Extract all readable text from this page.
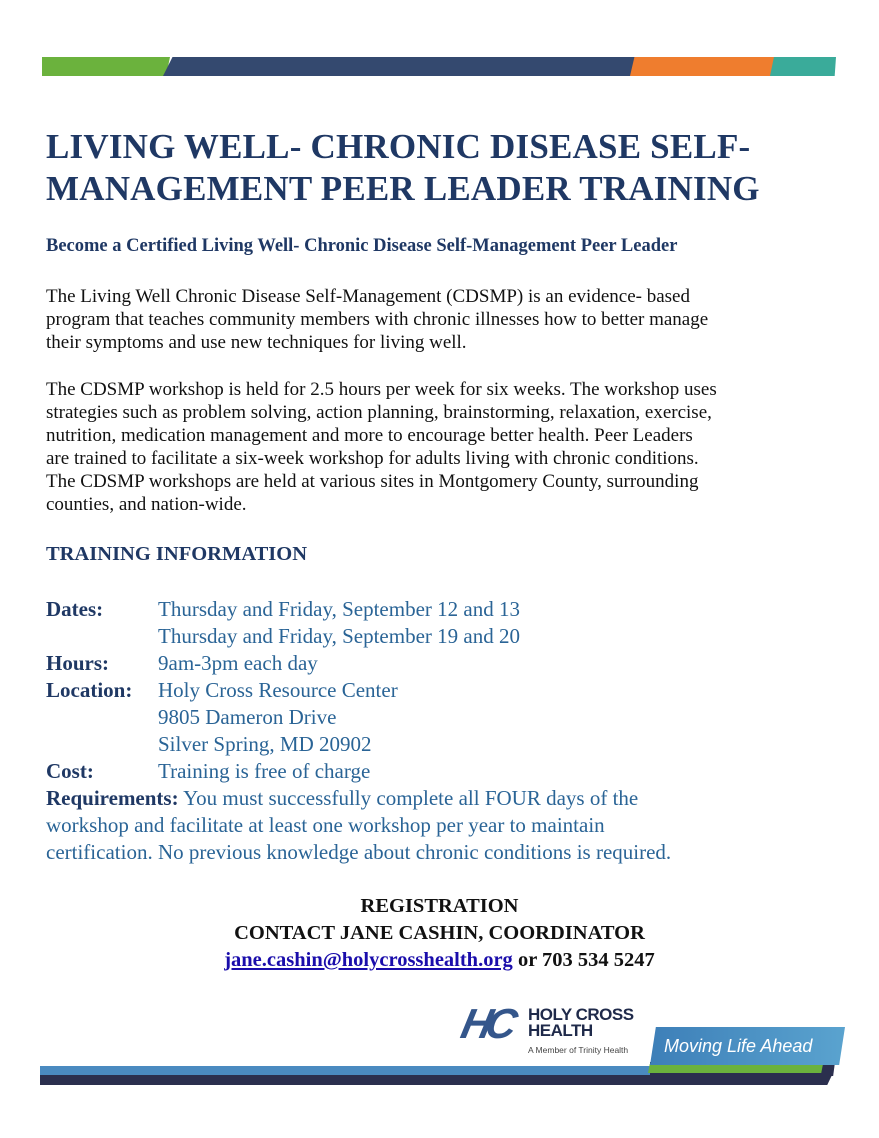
LIVING WELL- CHRONIC DISEASE SELF-
MANAGEMENT PEER LEADER TRAINING
Become a Certified Living Well- Chronic Disease Self-Management Peer Leader
The Living Well Chronic Disease Self-Management (CDSMP) is an evidence- based
program that teaches community members with chronic illnesses how to better manage
their symptoms and use new techniques for living well.
The CDSMP workshop is held for 2.5 hours per week for six weeks. The workshop uses
strategies such as problem solving, action planning, brainstorming, relaxation, exercise,
nutrition, medication management and more to encourage better health. Peer Leaders
are trained to facilitate a six-week workshop for adults living with chronic conditions.
The CDSMP workshops are held at various sites in Montgomery County, surrounding
counties, and nation-wide.
TRAINING INFORMATION
Dates:	Thursday and Friday, September 12 and 13
Thursday and Friday, September 19 and 20
Hours: 9am-3pm each day
Location: Holy Cross Resource Center
9805 Dameron Drive
Silver Spring, MD 20902
Cost:	Training is free of charge
Requirements: You must successfully complete all FOUR days of the
workshop and facilitate at least one workshop per year to maintain
certification. No previous knowledge about chronic conditions is required.
REGISTRATION
CONTACT JANE CASHIN, COORDINATOR
jane.cashin@holycrosshealth.org or 703 534 5247
HC HOLY CROSS
HEALTH
A Member of Trinity Health Moving Life Ahead
